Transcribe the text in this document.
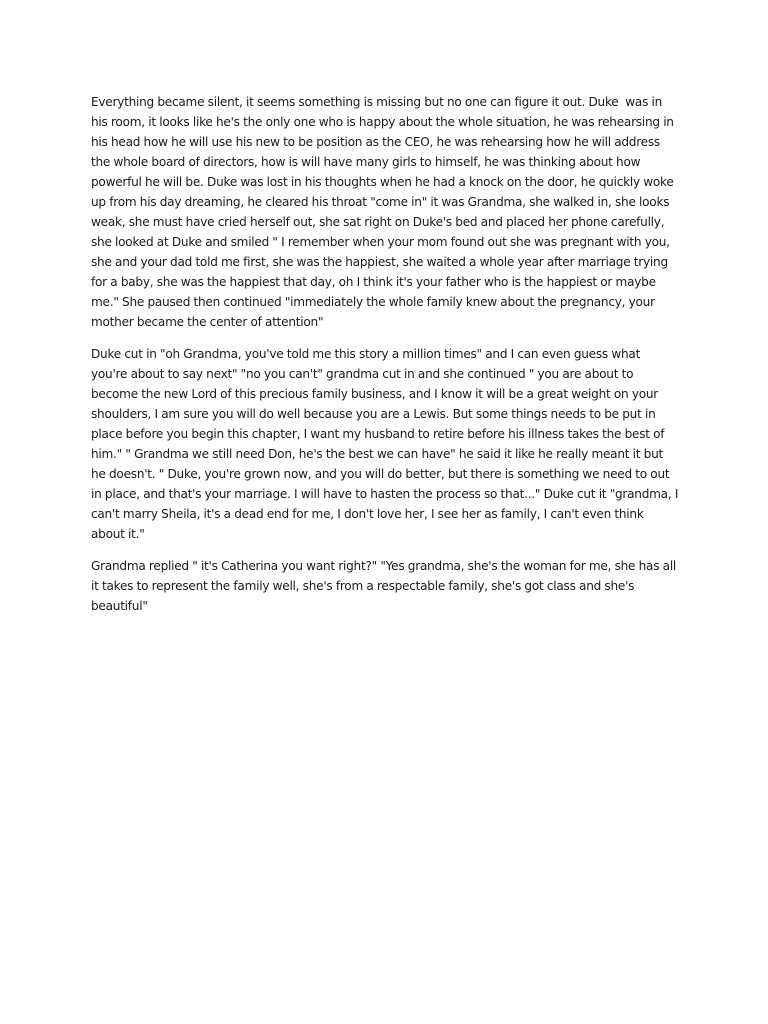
Everything became silent, it seems something is missing but no one can figure it out. Duke  was in his room, it looks like he's the only one who is happy about the whole situation, he was rehearsing in his head how he will use his new to be position as the CEO, he was rehearsing how he will address the whole board of directors, how is will have many girls to himself, he was thinking about how powerful he will be. Duke was lost in his thoughts when he had a knock on the door, he quickly woke up from his day dreaming, he cleared his throat "come in" it was Grandma, she walked in, she looks weak, she must have cried herself out, she sat right on Duke's bed and placed her phone carefully, she looked at Duke and smiled " I remember when your mom found out she was pregnant with you, she and your dad told me first, she was the happiest, she waited a whole year after marriage trying for a baby, she was the happiest that day, oh I think it's your father who is the happiest or maybe me." She paused then continued "immediately the whole family knew about the pregnancy, your mother became the center of attention"

Duke cut in "oh Grandma, you've told me this story a million times" and I can even guess what you're about to say next" "no you can't" grandma cut in and she continued " you are about to become the new Lord of this precious family business, and I know it will be a great weight on your shoulders, I am sure you will do well because you are a Lewis. But some things needs to be put in place before you begin this chapter, I want my husband to retire before his illness takes the best of him." " Grandma we still need Don, he's the best we can have" he said it like he really meant it but he doesn't. " Duke, you're grown now, and you will do better, but there is something we need to out in place, and that's your marriage. I will have to hasten the process so that..." Duke cut it "grandma, I can't marry Sheila, it's a dead end for me, I don't love her, I see her as family, I can't even think about it."

Grandma replied " it's Catherina you want right?" "Yes grandma, she's the woman for me, she has all it takes to represent the family well, she's from a respectable family, she's got class and she's beautiful"
